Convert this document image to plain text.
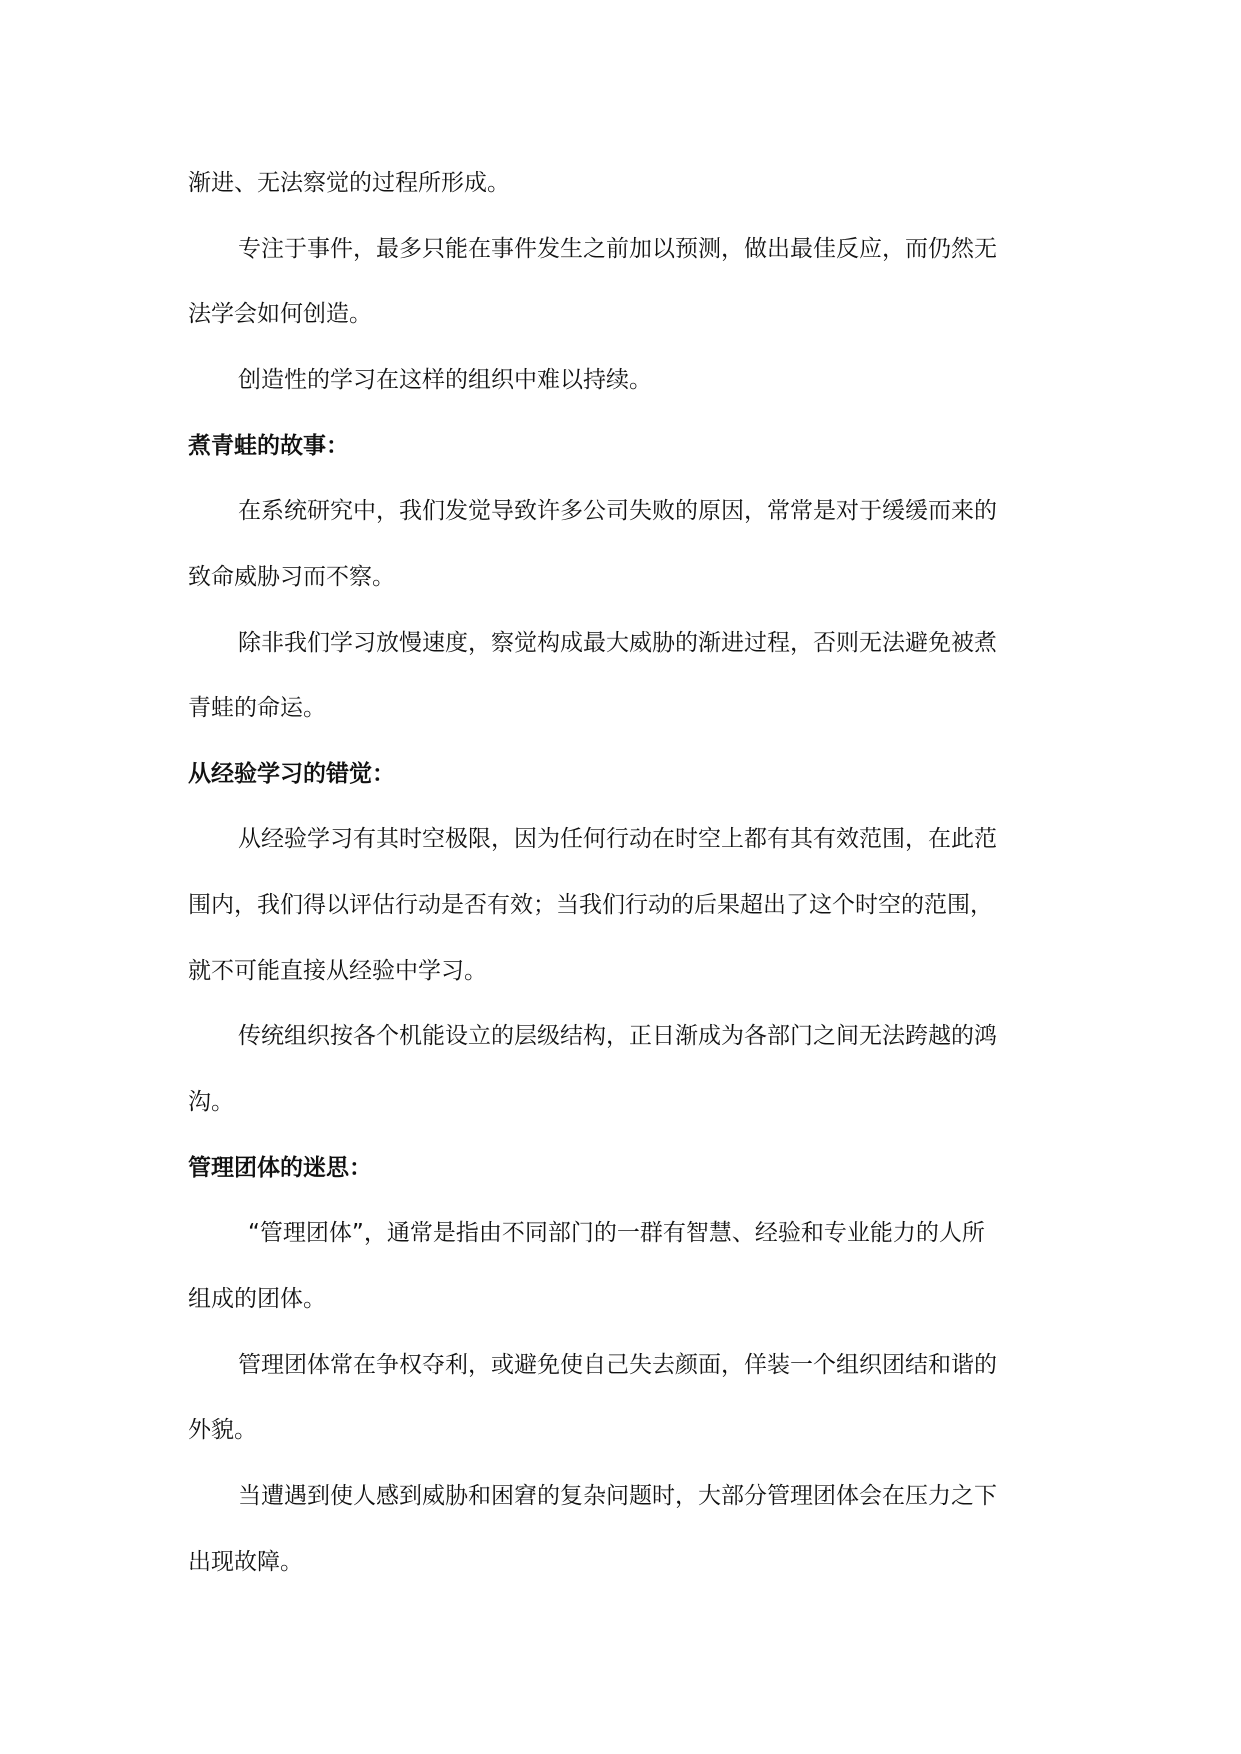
渐进、无法察觉的过程所形成。
专注于事件，最多只能在事件发生之前加以预测，做出最佳反应，而仍然无
法学会如何创造。
创造性的学习在这样的组织中难以持续。
煮青蛙的故事：
在系统研究中，我们发觉导致许多公司失败的原因，常常是对于缓缓而来的
致命威胁习而不察。
除非我们学习放慢速度，察觉构成最大威胁的渐进过程，否则无法避免被煮
青蛙的命运。
从经验学习的错觉：
从经验学习有其时空极限，因为任何行动在时空上都有其有效范围，在此范
围内，我们得以评估行动是否有效；当我们行动的后果超出了这个时空的范围，
就不可能直接从经验中学习。
传统组织按各个机能设立的层级结构，正日渐成为各部门之间无法跨越的鸿
沟。
管理团体的迷思：
“管理团体”，通常是指由不同部门的一群有智慧、经验和专业能力的人所
组成的团体。
管理团体常在争权夺利，或避免使自己失去颜面，佯装一个组织团结和谐的
外貌。
当遭遇到使人感到威胁和困窘的复杂问题时，大部分管理团体会在压力之下
出现故障。
